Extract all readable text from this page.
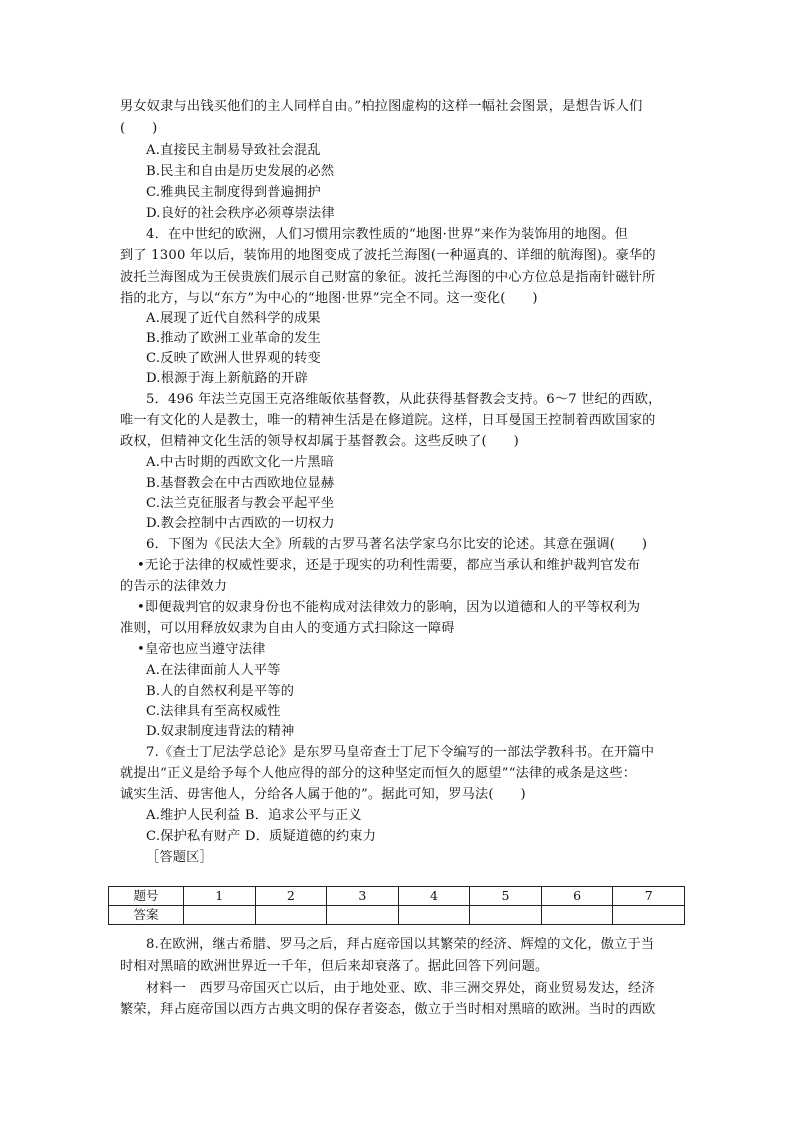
男女奴隶与出钱买他们的主人同样自由。”柏拉图虚构的这样一幅社会图景，是想告诉人们
(　　)
A.直接民主制易导致社会混乱
B.民主和自由是历史发展的必然
C.雅典民主制度得到普遍拥护
D.良好的社会秩序必须尊崇法律
4．在中世纪的欧洲，人们习惯用宗教性质的“地图·世界”来作为装饰用的地图。但
到了 1300 年以后，装饰用的地图变成了波托兰海图(一种逼真的、详细的航海图)。豪华的
波托兰海图成为王侯贵族们展示自己财富的象征。波托兰海图的中心方位总是指南针磁针所
指的北方，与以“东方”为中心的“地图·世界”完全不同。这一变化(　　)
A.展现了近代自然科学的成果
B.推动了欧洲工业革命的发生
C.反映了欧洲人世界观的转变
D.根源于海上新航路的开辟
5．496 年法兰克国王克洛维皈依基督教，从此获得基督教会支持。6～7 世纪的西欧，
唯一有文化的人是教士，唯一的精神生活是在修道院。这样，日耳曼国王控制着西欧国家的
政权，但精神文化生活的领导权却属于基督教会。这些反映了(　　)
A.中古时期的西欧文化一片黑暗
B.基督教会在中古西欧地位显赫
C.法兰克征服者与教会平起平坐
D.教会控制中古西欧的一切权力
6．下图为《民法大全》所载的古罗马著名法学家乌尔比安的论述。其意在强调(　　)
•无论于法律的权威性要求，还是于现实的功利性需要，都应当承认和维护裁判官发布
的告示的法律效力
•即便裁判官的奴隶身份也不能构成对法律效力的影响，因为以道德和人的平等权利为
准则，可以用释放奴隶为自由人的变通方式扫除这一障碍
•皇帝也应当遵守法律
A.在法律面前人人平等
B.人的自然权利是平等的
C.法律具有至高权威性
D.奴隶制度违背法的精神
7.《查士丁尼法学总论》是东罗马皇帝查士丁尼下令编写的一部法学教科书。在开篇中
就提出“正义是给予每个人他应得的部分的这种坚定而恒久的愿望”“法律的戒条是这些：
诚实生活、毋害他人，分给各人属于他的”。据此可知，罗马法(　　)
A.维护人民利益 B．追求公平与正义
C.保护私有财产 D．质疑道德的约束力
［答题区］
题号	1	2	3	4	5	6	7
答案							
8.在欧洲，继古希腊、罗马之后，拜占庭帝国以其繁荣的经济、辉煌的文化，傲立于当
时相对黑暗的欧洲世界近一千年，但后来却衰落了。据此回答下列问题。
材料一　西罗马帝国灭亡以后，由于地处亚、欧、非三洲交界处，商业贸易发达，经济
繁荣，拜占庭帝国以西方古典文明的保存者姿态，傲立于当时相对黑暗的欧洲。当时的西欧
